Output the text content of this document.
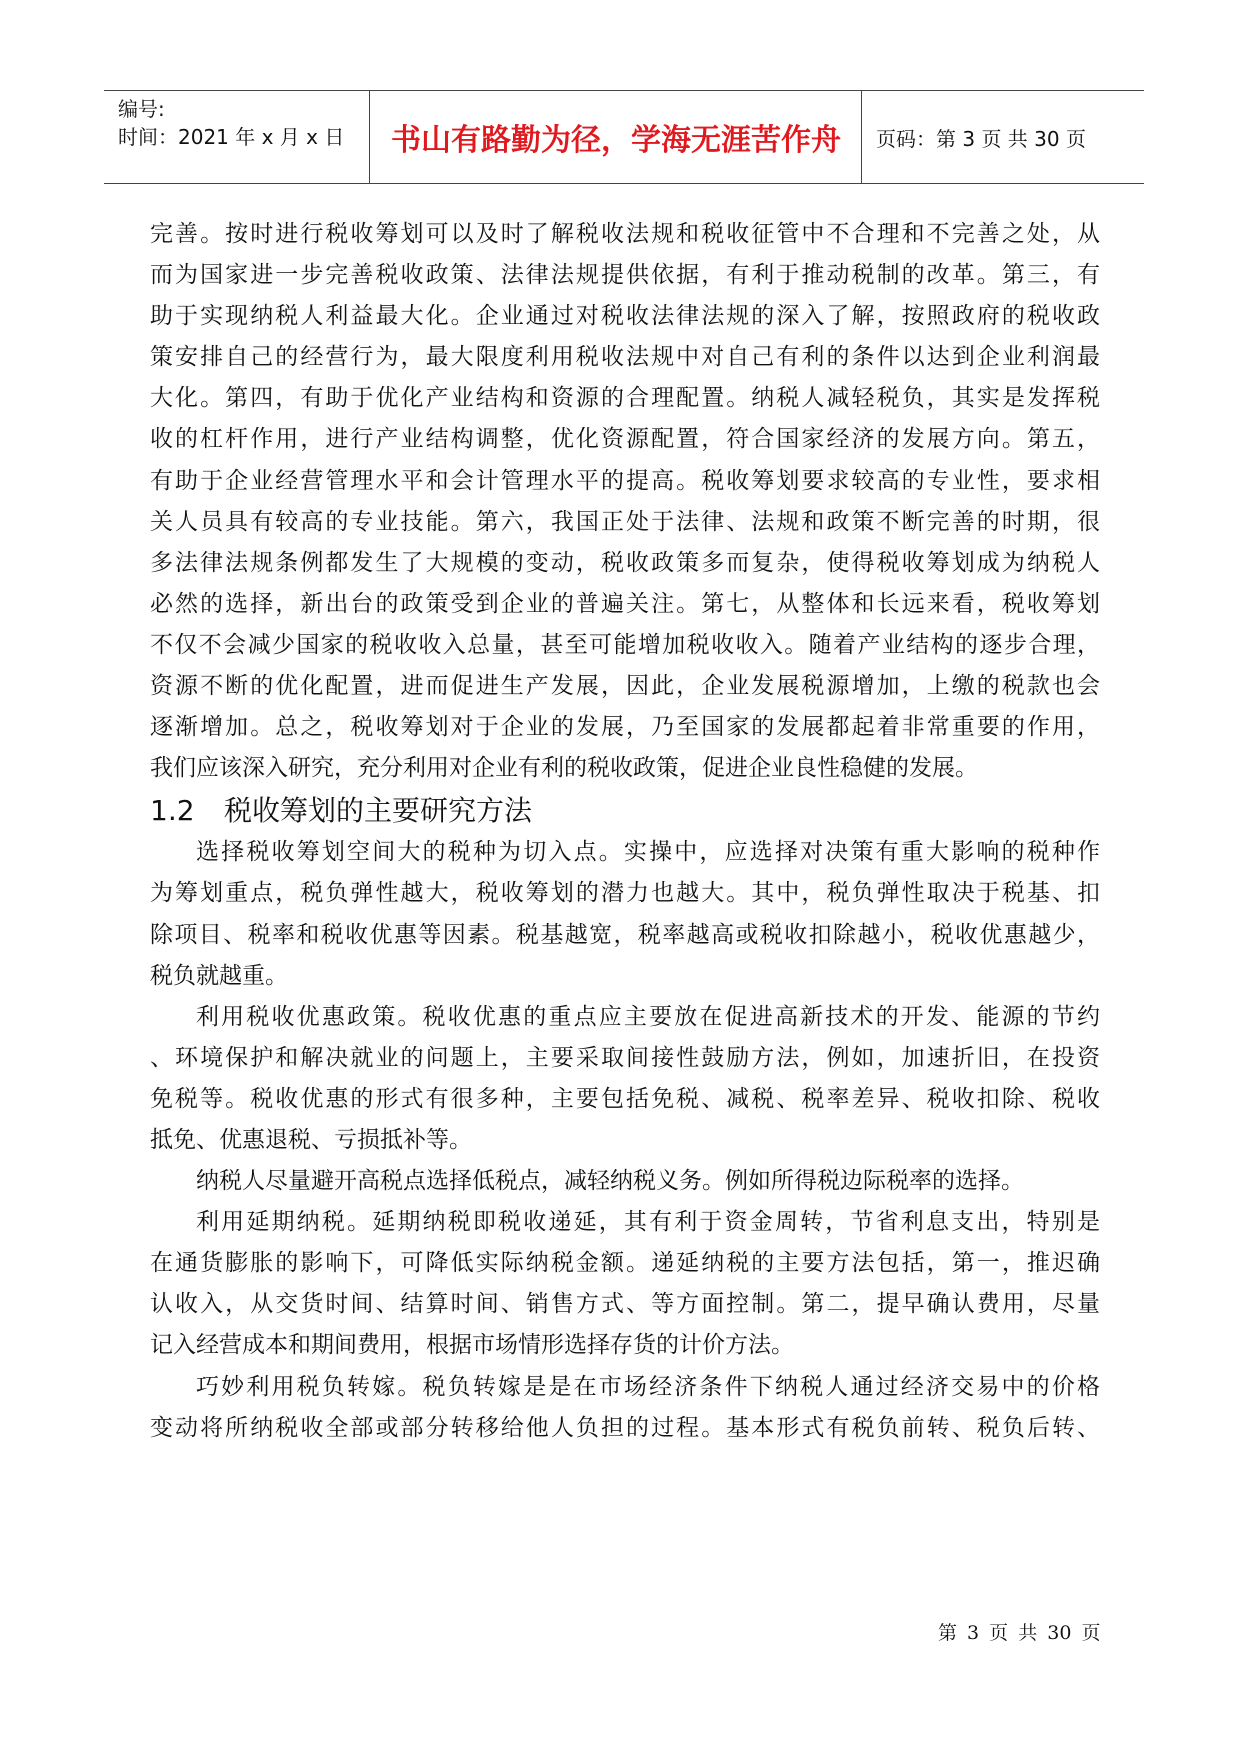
编号:
时间：2021 年 x 月 x 日	书山有路勤为径，学海无涯苦作舟	页码：第 3 页 共 30 页
完善。按时进行税收筹划可以及时了解税收法规和税收征管中不合理和不完善之处，从
而为国家进一步完善税收政策、法律法规提供依据，有利于推动税制的改革。第三，有
助于实现纳税人利益最大化。企业通过对税收法律法规的深入了解，按照政府的税收政
策安排自己的经营行为，最大限度利用税收法规中对自己有利的条件以达到企业利润最
大化。第四，有助于优化产业结构和资源的合理配置。纳税人减轻税负，其实是发挥税
收的杠杆作用，进行产业结构调整，优化资源配置，符合国家经济的发展方向。第五，
有助于企业经营管理水平和会计管理水平的提高。税收筹划要求较高的专业性，要求相
关人员具有较高的专业技能。第六，我国正处于法律、法规和政策不断完善的时期，很
多法律法规条例都发生了大规模的变动，税收政策多而复杂，使得税收筹划成为纳税人
必然的选择，新出台的政策受到企业的普遍关注。第七，从整体和长远来看，税收筹划
不仅不会减少国家的税收收入总量，甚至可能增加税收收入。随着产业结构的逐步合理，
资源不断的优化配置，进而促进生产发展，因此，企业发展税源增加，上缴的税款也会
逐渐增加。总之，税收筹划对于企业的发展，乃至国家的发展都起着非常重要的作用，
我们应该深入研究，充分利用对企业有利的税收政策，促进企业良性稳健的发展。
1.2 税收筹划的主要研究方法
选择税收筹划空间大的税种为切入点。实操中，应选择对决策有重大影响的税种作
为筹划重点，税负弹性越大，税收筹划的潜力也越大。其中，税负弹性取决于税基、扣
除项目、税率和税收优惠等因素。税基越宽，税率越高或税收扣除越小，税收优惠越少，
税负就越重。
利用税收优惠政策。税收优惠的重点应主要放在促进高新技术的开发、能源的节约
、环境保护和解决就业的问题上，主要采取间接性鼓励方法，例如，加速折旧，在投资
免税等。税收优惠的形式有很多种，主要包括免税、减税、税率差异、税收扣除、税收
抵免、优惠退税、亏损抵补等。
纳税人尽量避开高税点选择低税点，减轻纳税义务。例如所得税边际税率的选择。
利用延期纳税。延期纳税即税收递延，其有利于资金周转，节省利息支出，特别是
在通货膨胀的影响下，可降低实际纳税金额。递延纳税的主要方法包括，第一，推迟确
认收入，从交货时间、结算时间、销售方式、等方面控制。第二，提早确认费用，尽量
记入经营成本和期间费用，根据市场情形选择存货的计价方法。
巧妙利用税负转嫁。税负转嫁是是在市场经济条件下纳税人通过经济交易中的价格
变动将所纳税收全部或部分转移给他人负担的过程。基本形式有税负前转、税负后转、
第 3 页 共 30 页
